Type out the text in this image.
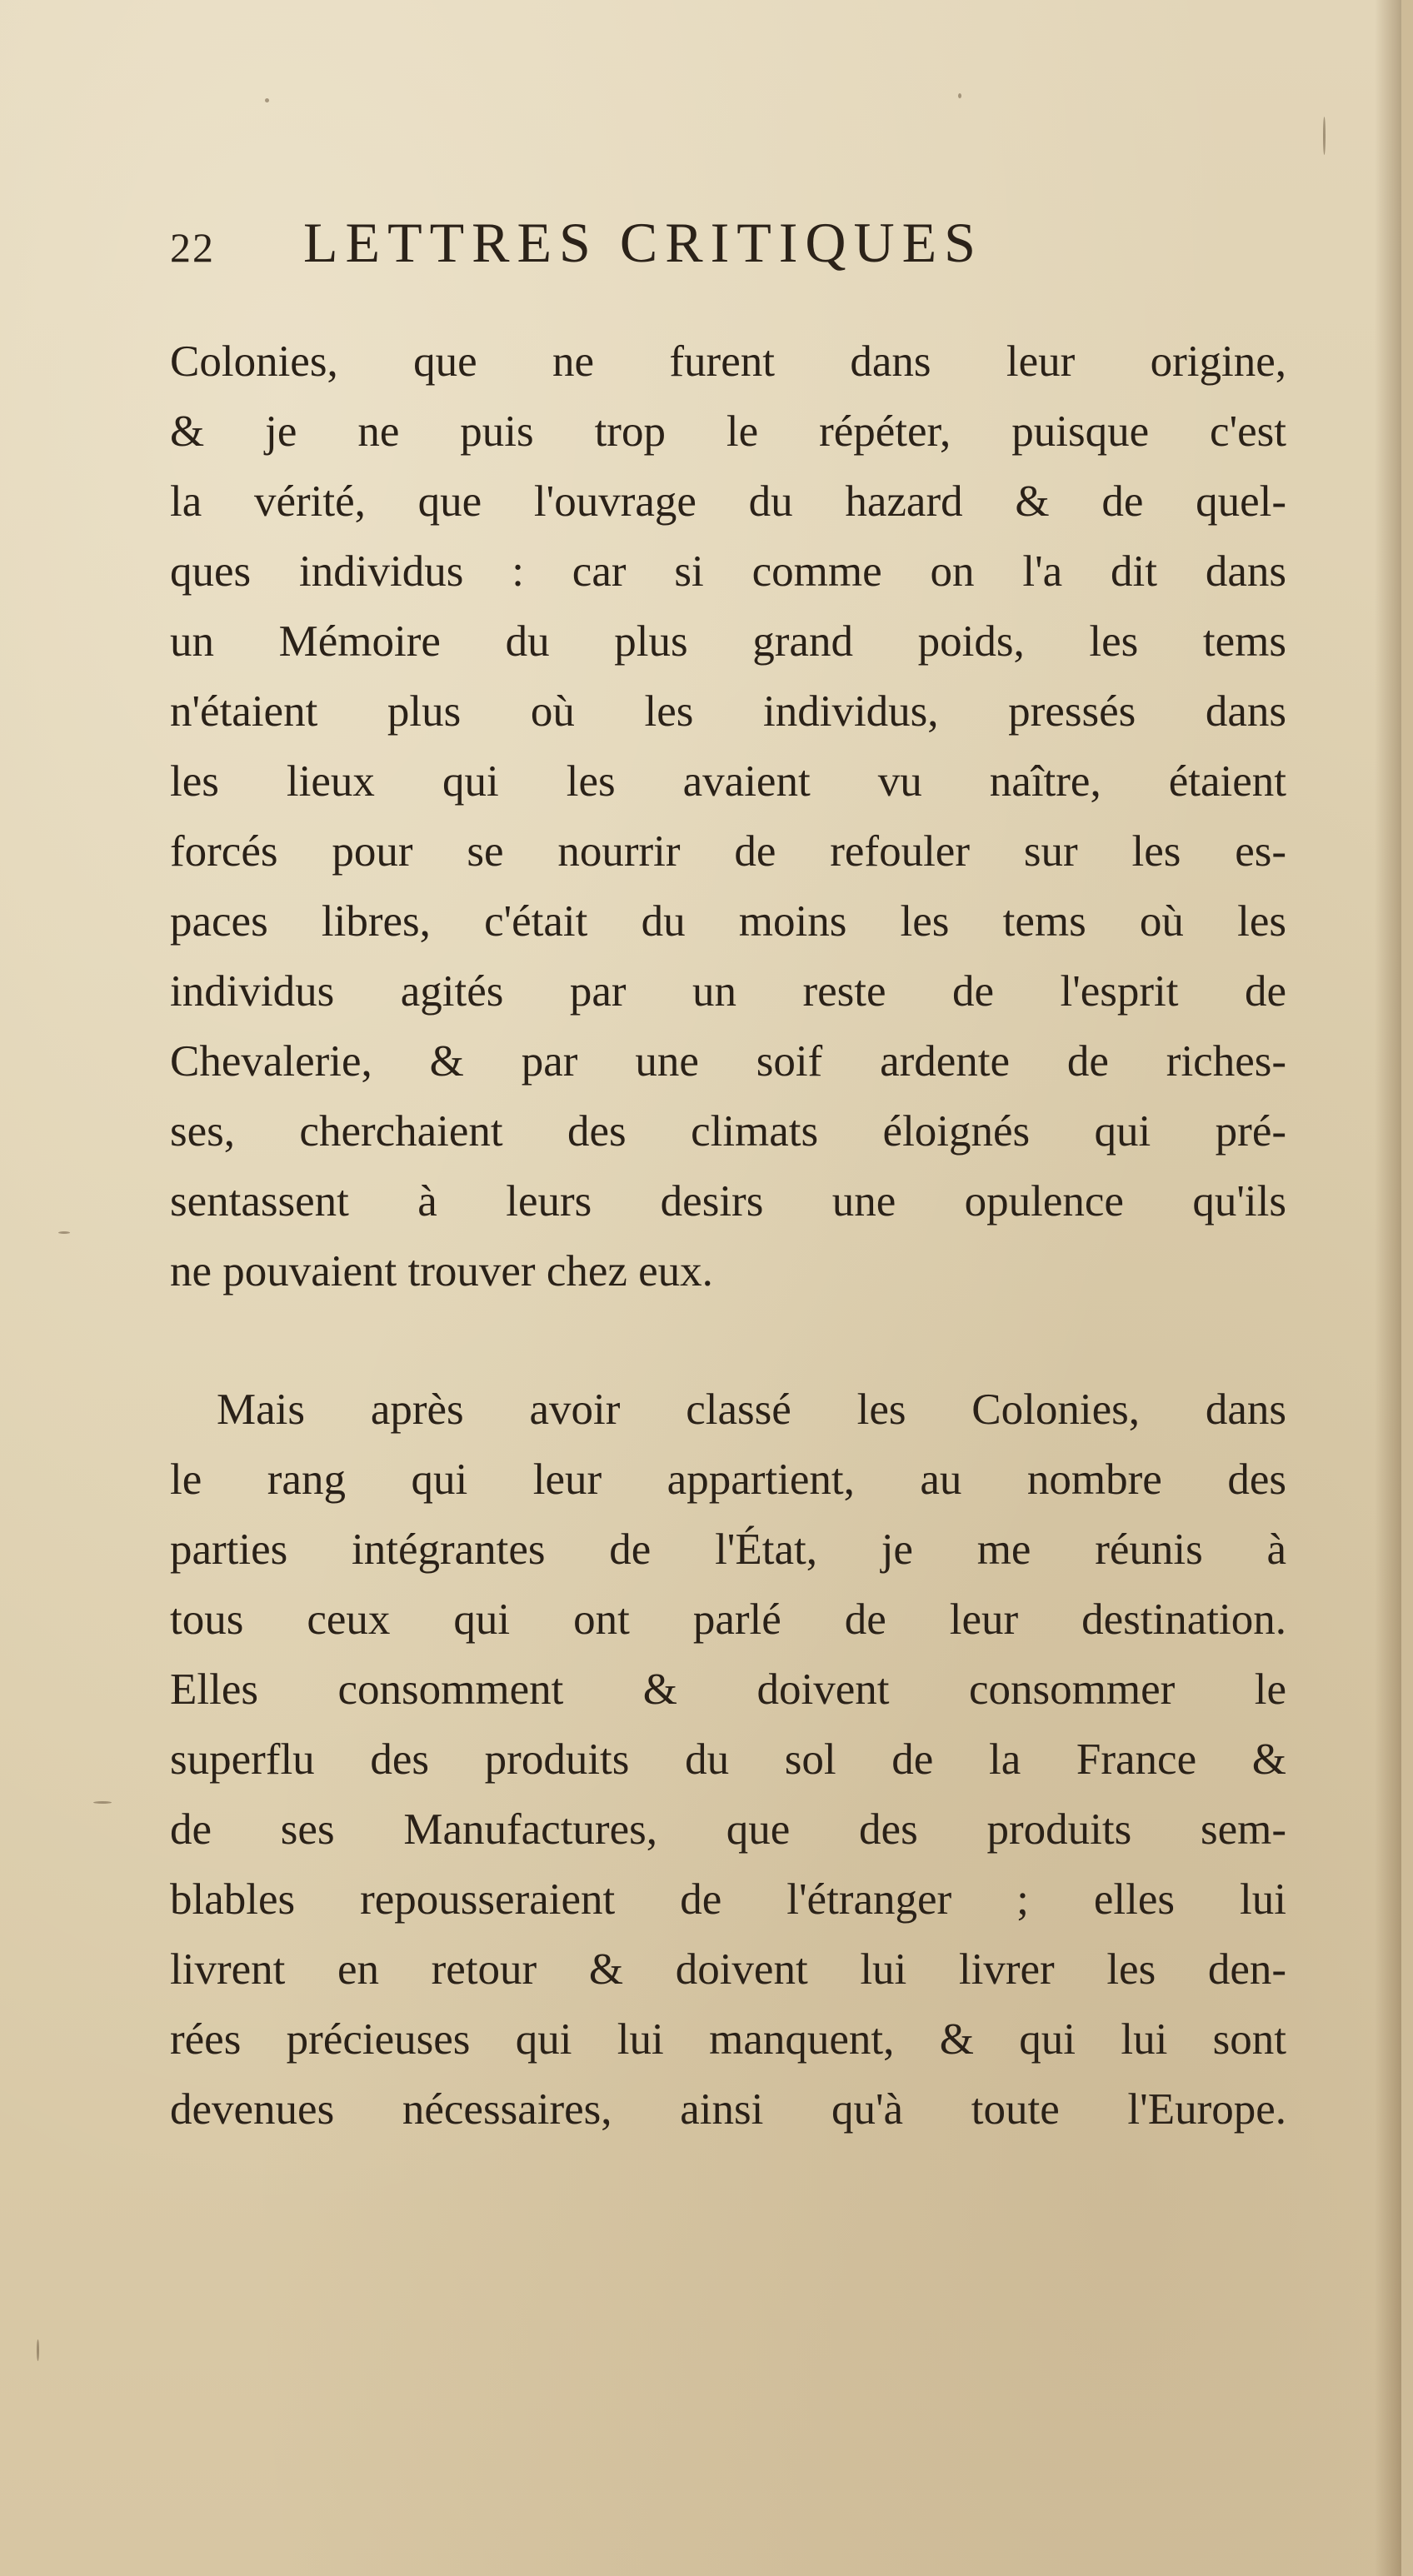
22 LETTRES CRITIQUES
Colonies, que ne furent dans leur origine,
& je ne puis trop le répéter, puisque c'est
la vérité, que l'ouvrage du hazard & de quel-
ques individus : car si comme on l'a dit dans
un Mémoire du plus grand poids, les tems
n'étaient plus où les individus, pressés dans
les lieux qui les avaient vu naître, étaient
forcés pour se nourrir de refouler sur les es-
paces libres, c'était du moins les tems où les
individus agités par un reste de l'esprit de
Chevalerie, & par une soif ardente de riches-
ses, cherchaient des climats éloignés qui pré-
sentassent à leurs desirs une opulence qu'ils
ne pouvaient trouver chez eux.
Mais après avoir classé les Colonies, dans
le rang qui leur appartient, au nombre des
parties intégrantes de l'État, je me réunis à
tous ceux qui ont parlé de leur destination.
Elles consomment & doivent consommer le
superflu des produits du sol de la France &
de ses Manufactures, que des produits sem-
blables repousseraient de l'étranger ; elles lui
livrent en retour & doivent lui livrer les den-
rées précieuses qui lui manquent, & qui lui sont
devenues nécessaires, ainsi qu'à toute l'Europe.
